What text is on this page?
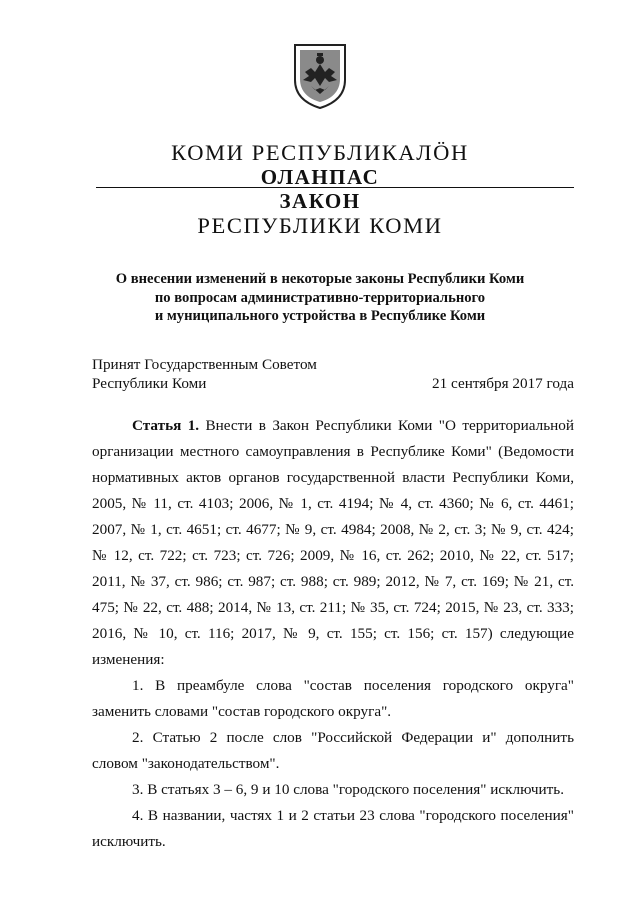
КОМИ РЕСПУБЛИКАЛӦН
ОЛАНПАС
ЗАКОН
РЕСПУБЛИКИ КОМИ
О внесении изменений в некоторые законы Республики Коми
по вопросам административно-территориального
и муниципального устройства в Республике Коми
Принят Государственным Советом
Республики Коми	21 сентября 2017 года

Статья 1. Внести в Закон Республики Коми "О территориальной организации местного самоуправления в Республике Коми" (Ведомости нормативных актов органов государственной власти Республики Коми, 2005, № 11, ст. 4103; 2006, № 1, ст. 4194; № 4, ст. 4360; № 6, ст. 4461; 2007, № 1, ст. 4651; ст. 4677; № 9, ст. 4984; 2008, № 2, ст. 3; № 9, ст. 424; № 12, ст. 722; ст. 723; ст. 726; 2009, № 16, ст. 262; 2010, № 22, ст. 517; 2011, № 37, ст. 986; ст. 987; ст. 988; ст. 989; 2012, № 7, ст. 169; № 21, ст. 475; № 22, ст. 488; 2014, № 13, ст. 211; № 35, ст. 724; 2015, № 23, ст. 333; 2016, № 10, ст. 116; 2017, № 9, ст. 155; ст. 156; ст. 157) следующие изменения:

1. В преамбуле слова "состав поселения городского округа" заменить словами "состав городского округа".

2. Статью 2 после слов "Российской Федерации и" дополнить словом "законодательством".

3. В статьях 3 – 6, 9 и 10 слова "городского поселения" исключить.

4. В названии, частях 1 и 2 статьи 23 слова "городского поселения" исключить.
